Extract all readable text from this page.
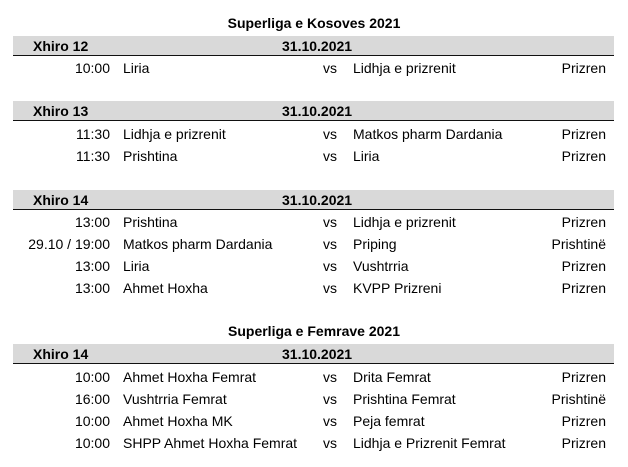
Superliga e Kosoves 2021
Xhiro 12	31.10.2021
10:00 Liria	vs Lidhja e prizrenit	Prizren
Xhiro 13	31.10.2021
11:30 Lidhja e prizrenit	vs Matkos pharm Dardania	Prizren
11:30 Prishtina	vs Liria	Prizren
Xhiro 14	31.10.2021
13:00 Prishtina	vs Lidhja e prizrenit	Prizren
29.10 / 19:00 Matkos pharm Dardania	vs Priping	Prishtinë
13:00 Liria	vs Vushtrria	Prizren
13:00 Ahmet Hoxha	vs KVPP Prizreni	Prizren
Superliga e Femrave 2021
Xhiro 14	31.10.2021
10:00 Ahmet Hoxha Femrat	vs Drita Femrat	Prizren
16:00 Vushtrria Femrat	vs Prishtina Femrat	Prishtinë
10:00 Ahmet Hoxha MK	vs Peja femrat	Prizren
10:00 SHPP Ahmet Hoxha Femrat vs Lidhja e Prizrenit Femrat	Prizren
